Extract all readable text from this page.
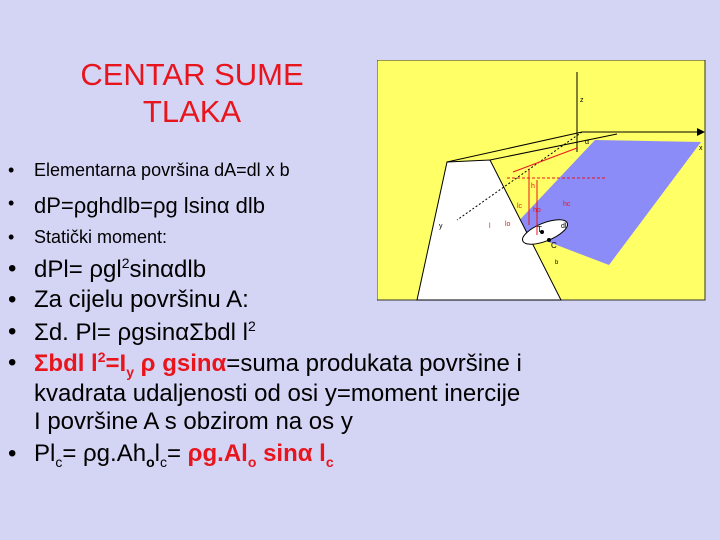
CENTAR SUME
TLAKA	z
x
α
y	l lo
lc
h
ho
hc
dl
T
C
b
• Elementarna površina dA=dl x b
• dP=ρghdlb=ρg lsinα dlb
• Statički moment:
• dPl= ρgl$^2$sinαdlb
• Za cijelu površinu A:
• Σd. Pl= ρgsinαΣbdl $l^2$
• Σbdl $l^2=I_y$ ρ gsinα=suma produkata površine i
kvadrata udaljenosti od osi y=moment inercije
I površine A s obzirom na os y
• $Pl_c= \rho g.Ah_ol_c= \rho g.Al_o$ sinα $l_c$
